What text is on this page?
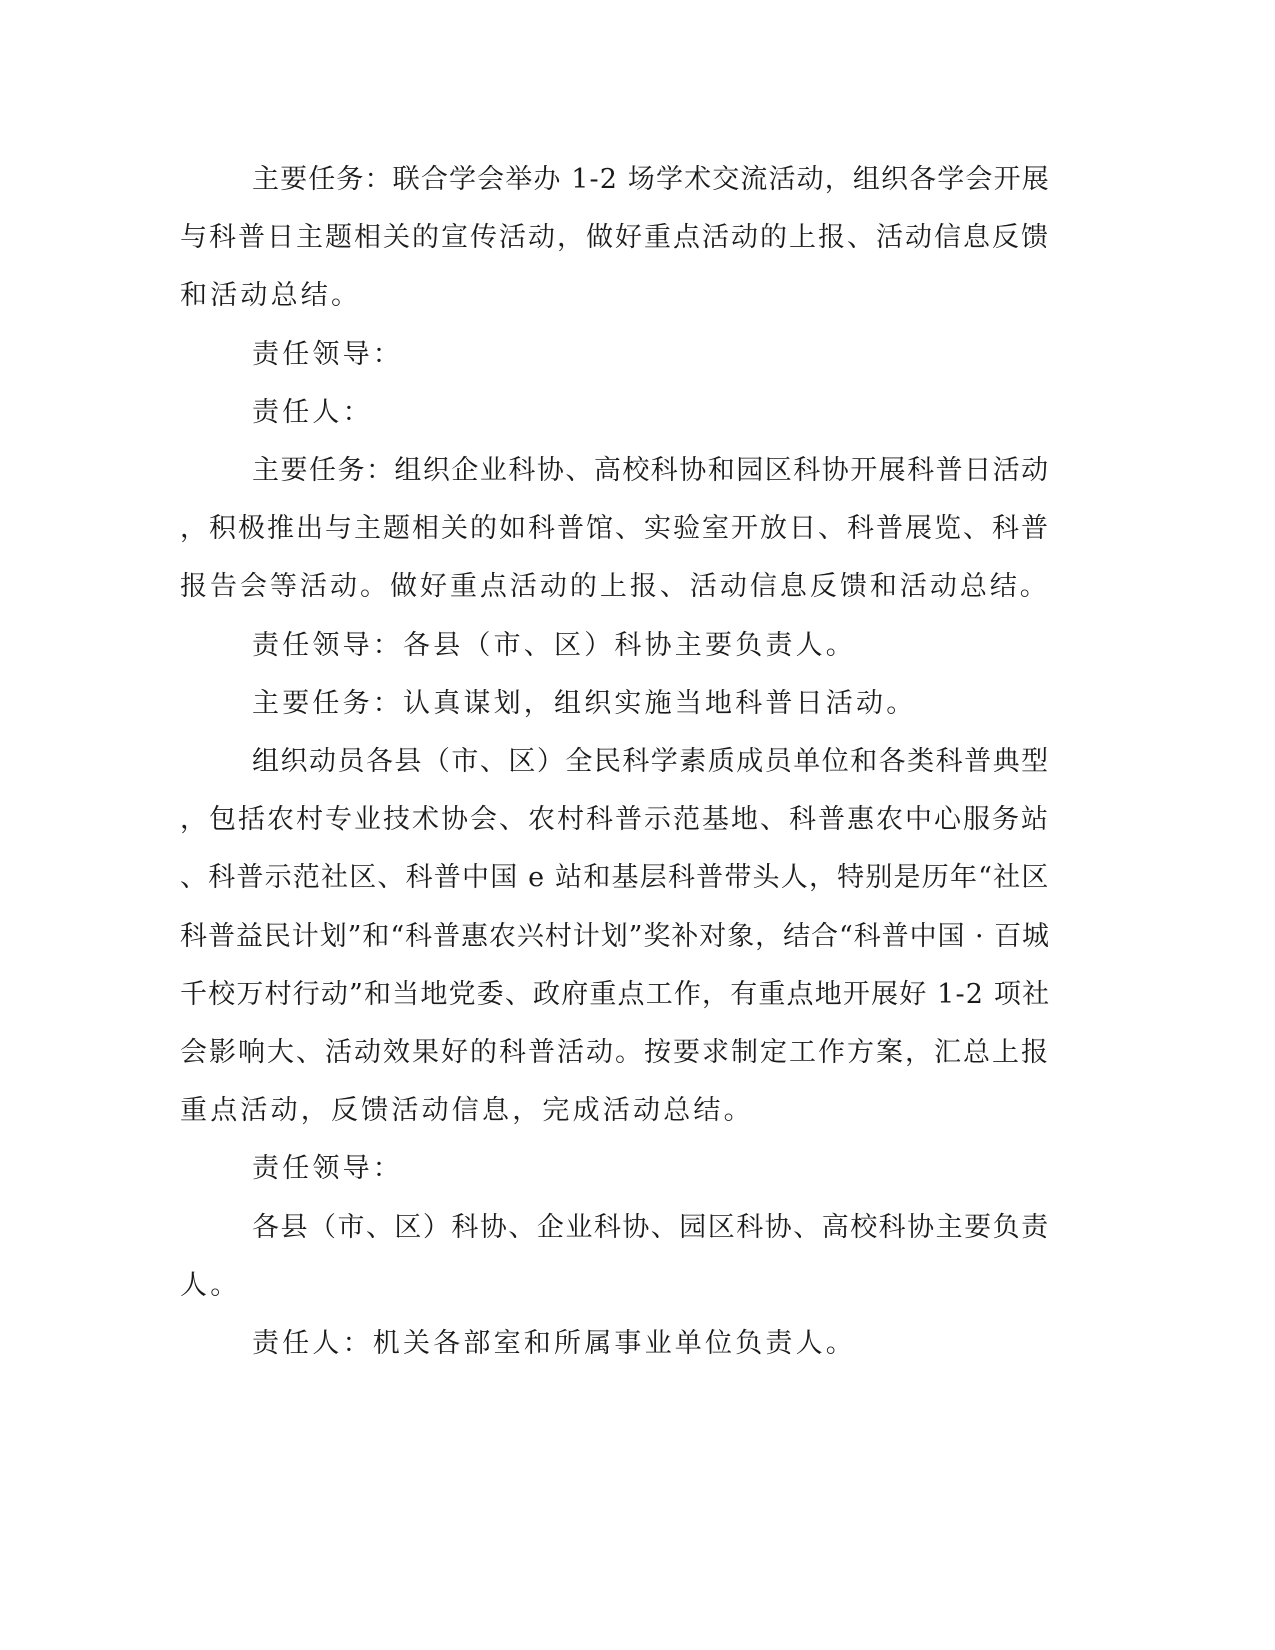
主要任务：联合学会举办 1-2 场学术交流活动，组织各学会开展
与科普日主题相关的宣传活动，做好重点活动的上报、活动信息反馈
和活动总结。
责任领导：
责任人：
主要任务：组织企业科协、高校科协和园区科协开展科普日活动
，积极推出与主题相关的如科普馆、实验室开放日、科普展览、科普
报告会等活动。做好重点活动的上报、活动信息反馈和活动总结。
责任领导：各县（市、区）科协主要负责人。
主要任务：认真谋划，组织实施当地科普日活动。
组织动员各县（市、区）全民科学素质成员单位和各类科普典型
，包括农村专业技术协会、农村科普示范基地、科普惠农中心服务站
、科普示范社区、科普中国 e 站和基层科普带头人，特别是历年“社区
科普益民计划”和“科普惠农兴村计划”奖补对象，结合“科普中国 · 百城
千校万村行动”和当地党委、政府重点工作，有重点地开展好 1-2 项社
会影响大、活动效果好的科普活动。按要求制定工作方案，汇总上报
重点活动，反馈活动信息，完成活动总结。
责任领导：
各县（市、区）科协、企业科协、园区科协、高校科协主要负责
人。
责任人：机关各部室和所属事业单位负责人。
